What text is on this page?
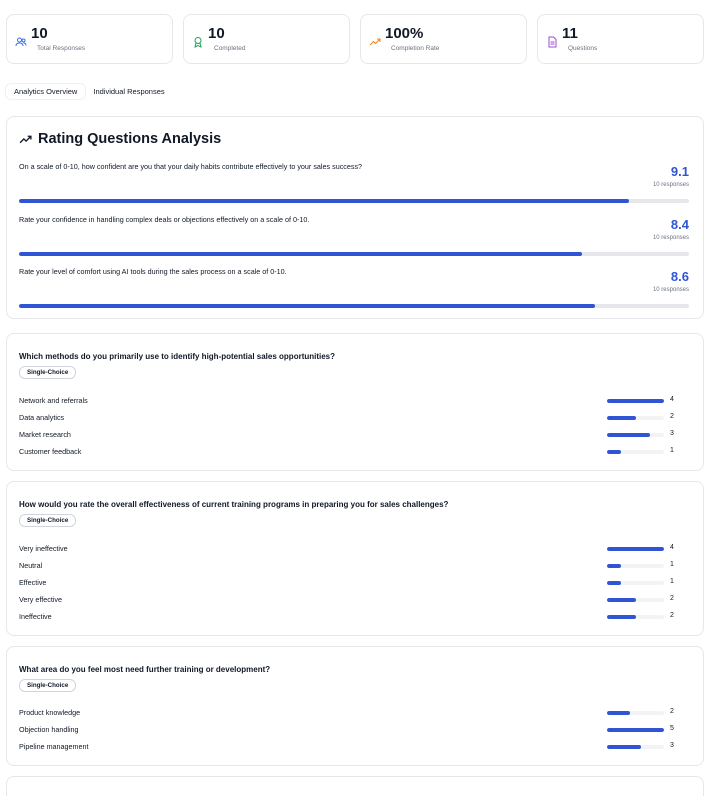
10
Total Responses
10
Completed
100%
Completion Rate
11
Questions
Analytics Overview	Individual Responses
Rating Questions Analysis
On a scale of 0-10, how confident are you that your daily habits contribute effectively to your sales success?	9.1
10 responses
Rate your confidence in handling complex deals or objections effectively on a scale of 0-10.	8.4
10 responses
Rate your level of comfort using AI tools during the sales process on a scale of 0-10.	8.6
10 responses
Which methods do you primarily use to identify high-potential sales opportunities?
Single-Choice
Network and referrals	4
Data analytics	2
Market research	3
Customer feedback	1
How would you rate the overall effectiveness of current training programs in preparing you for sales challenges?
Single-Choice
Very ineffective	4
Neutral	1
Effective	1
Very effective	2
Ineffective	2
What area do you feel most need further training or development?
Single-Choice
Product knowledge	2
Objection handling	5
Pipeline management	3
